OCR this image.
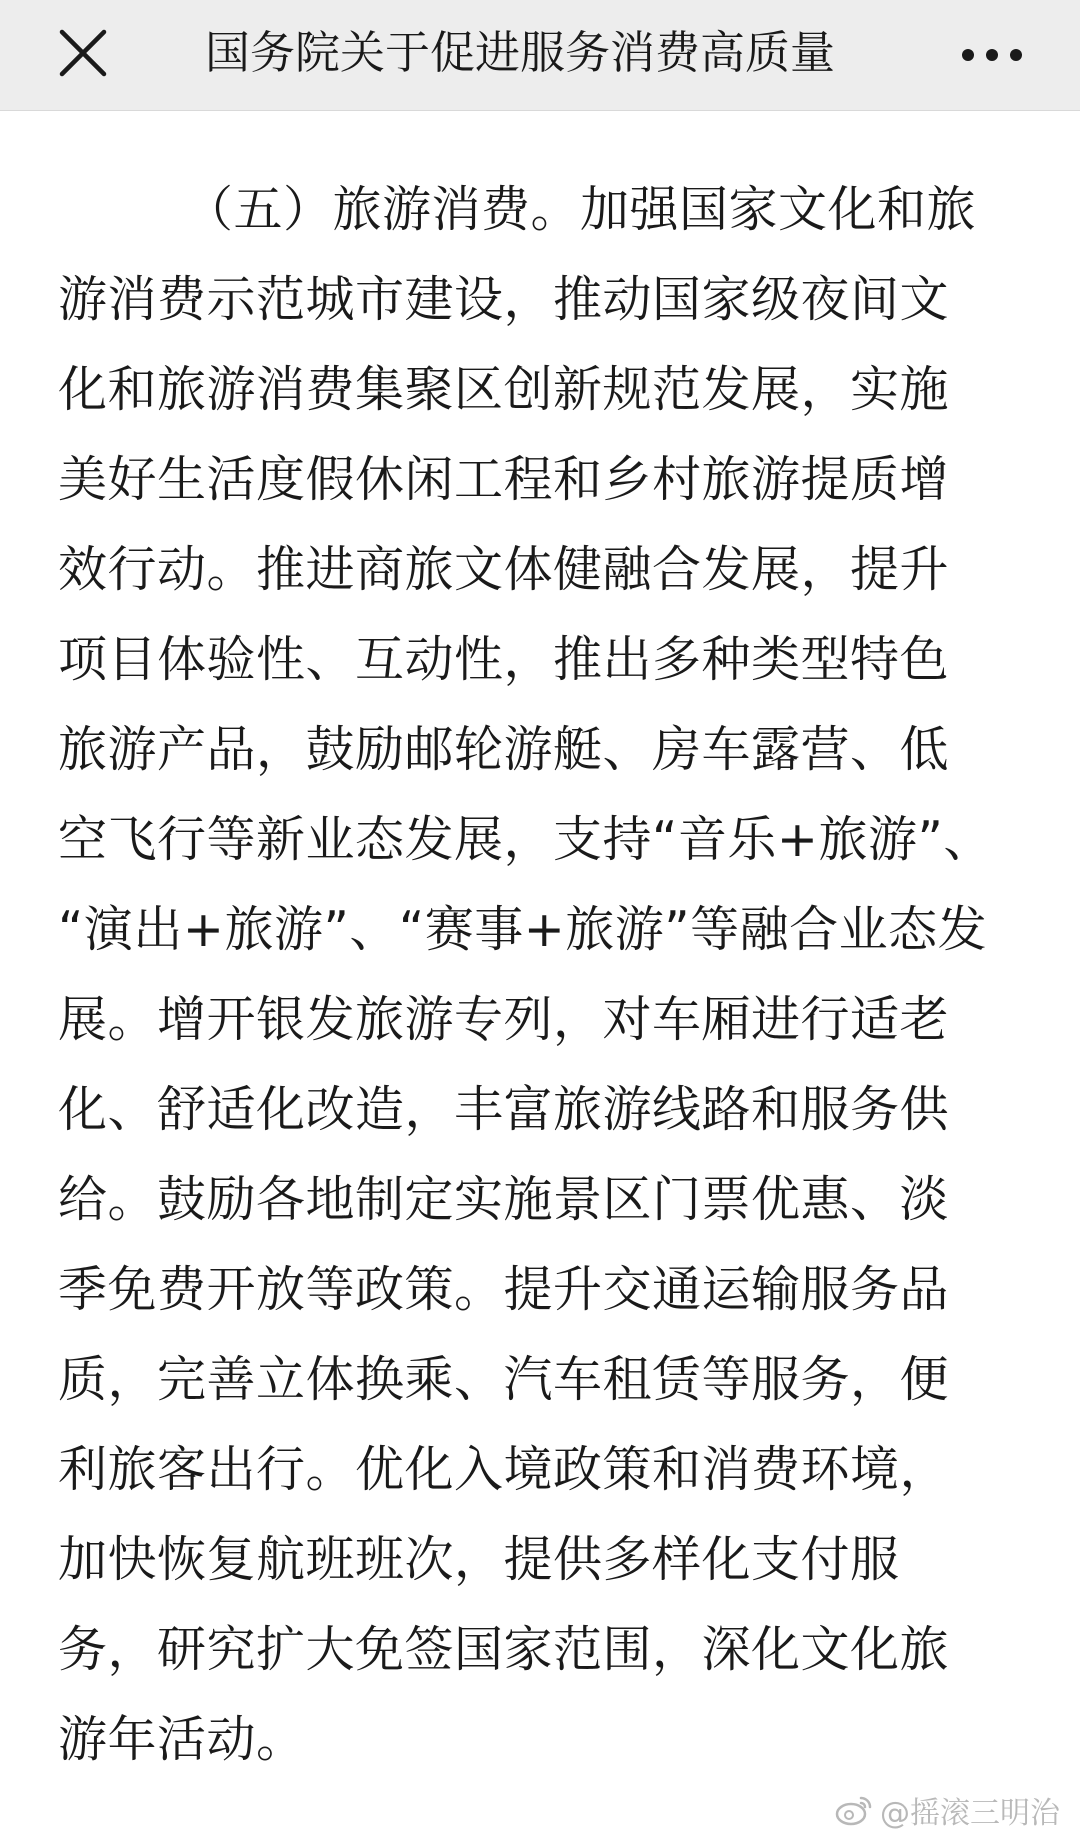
国务院关于促进服务消费高质量
（五）旅游消费。加强国家文化和旅
游消费示范城市建设，推动国家级夜间文
化和旅游消费集聚区创新规范发展，实施
美好生活度假休闲工程和乡村旅游提质增
效行动。推进商旅文体健融合发展，提升
项目体验性、互动性，推出多种类型特色
旅游产品，鼓励邮轮游艇、房车露营、低
空飞行等新业态发展，支持“音乐+旅游”、
“演出+旅游”、“赛事+旅游”等融合业态发
展。增开银发旅游专列，对车厢进行适老
化、舒适化改造，丰富旅游线路和服务供
给。鼓励各地制定实施景区门票优惠、淡
季免费开放等政策。提升交通运输服务品
质，完善立体换乘、汽车租赁等服务，便
利旅客出行。优化入境政策和消费环境，
加快恢复航班班次，提供多样化支付服
务，研究扩大免签国家范围，深化文化旅
游年活动。
@摇滚三明治
